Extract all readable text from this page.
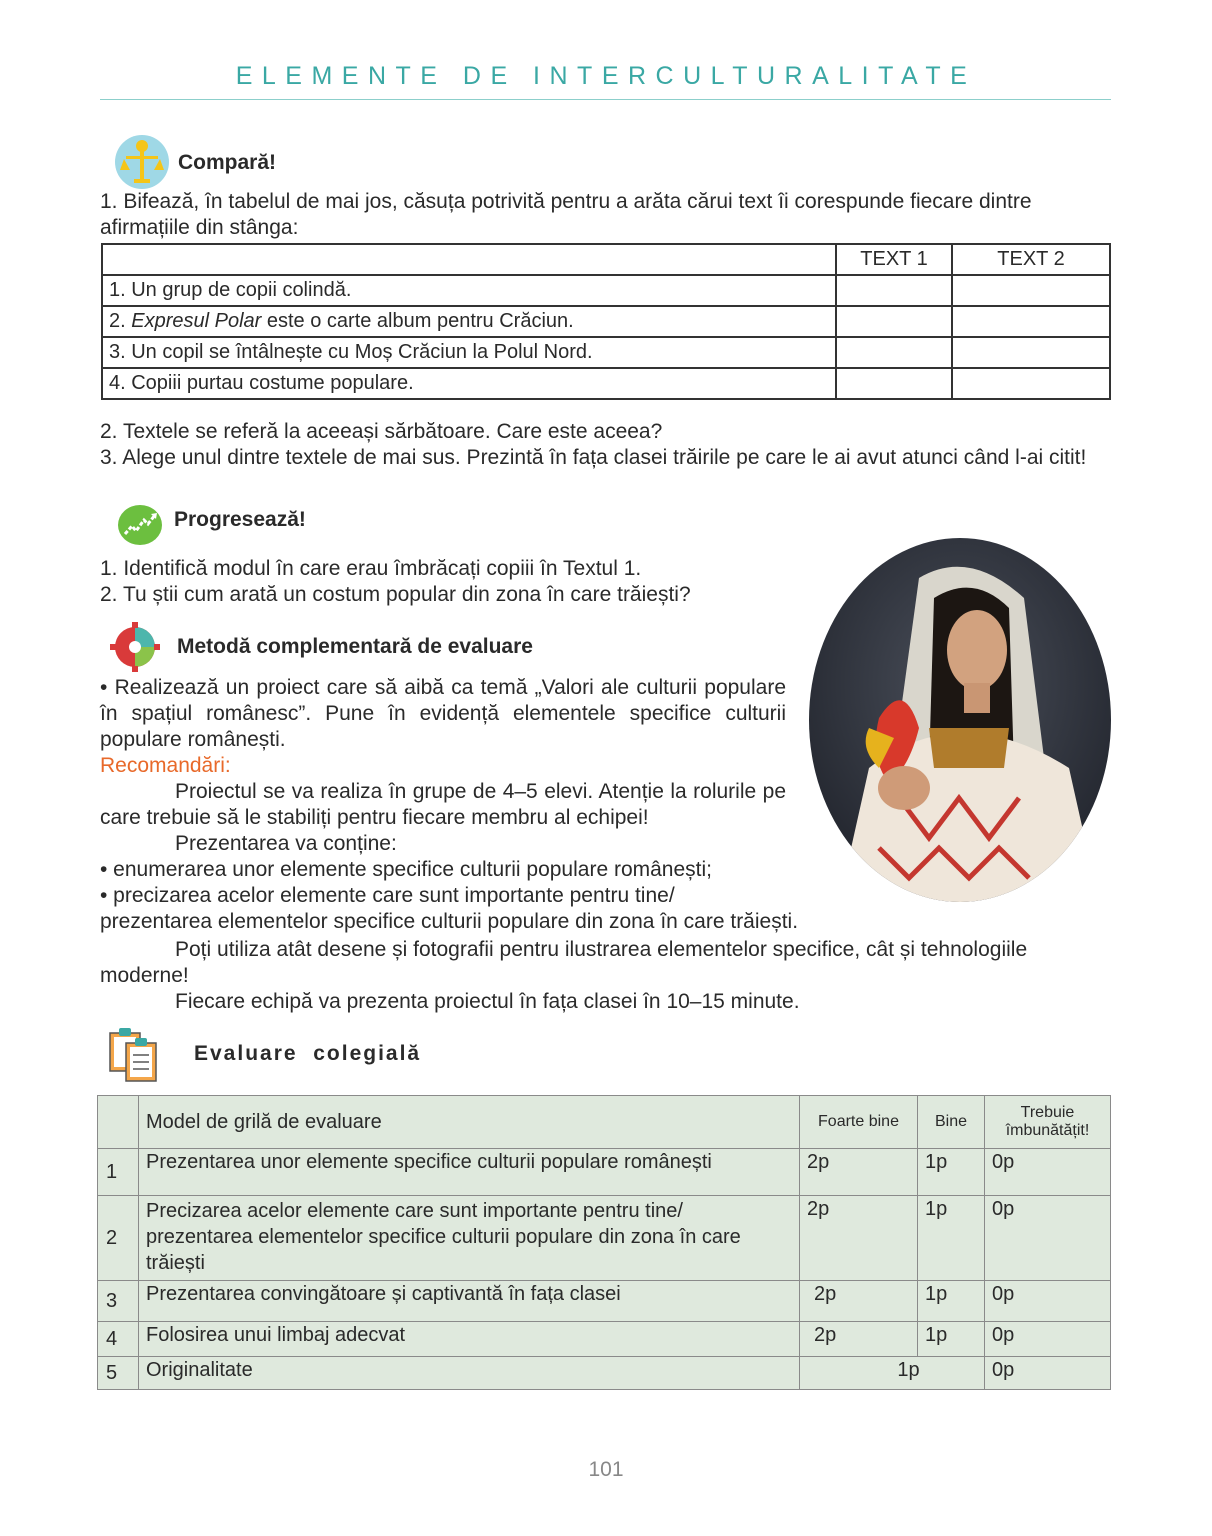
ELEMENTE DE INTERCULTURALITATE
Compară!
1. Bifează, în tabelul de mai jos, căsuța potrivită pentru a arăta cărui text îi corespunde fiecare dintre afirmațiile din stânga:
	TEXT 1	TEXT 2
1. Un grup de copii colindă.		
2. Expresul Polar este o carte album pentru Crăciun.		
3. Un copil se întâlnește cu Moș Crăciun la Polul Nord.		
4. Copiii purtau costume populare.		
2. Textele se referă la aceeași sărbătoare. Care este aceea?
3. Alege unul dintre textele de mai sus. Prezintă în fața clasei trăirile pe care le ai avut atunci când l-ai citit!
Progresează!
1. Identifică modul în care erau îmbrăcați copiii în Textul 1.
2. Tu știi cum arată un costum popular din zona în care trăiești?
Metodă complementară de evaluare
• Realizează un proiect care să aibă ca temă „Valori ale culturii populare în spațiul românesc”. Pune în evidență elementele specifice culturii populare românești.
Recomandări:
Proiectul se va realiza în grupe de 4–5 elevi. Atenție la rolurile pe care trebuie să le stabiliți pentru fiecare membru al echipei!
Prezentarea va conține:
• enumerarea unor elemente specifice culturii populare românești;
• precizarea acelor elemente care sunt importante pentru tine/
prezentarea elementelor specifice culturii populare din zona în care trăiești.
Poți utiliza atât desene și fotografii pentru ilustrarea elementelor specifice, cât și tehnologiile moderne!
Fiecare echipă va prezenta proiectul în fața clasei în 10–15 minute.
Evaluare  colegială
	Model de grilă de evaluare	Foarte bine	Bine	Trebuie îmbunătățit!
1	Prezentarea unor elemente specifice culturii populare românești	2p	1p	0p
2	Precizarea acelor elemente care sunt importante pentru tine/ prezentarea elementelor specifice culturii populare din zona în care trăiești	2p	1p	0p
3	Prezentarea convingătoare și captivantă în fața clasei	2p	1p	0p
4	Folosirea unui limbaj adecvat	2p	1p	0p
5	Originalitate	1p		0p
101
